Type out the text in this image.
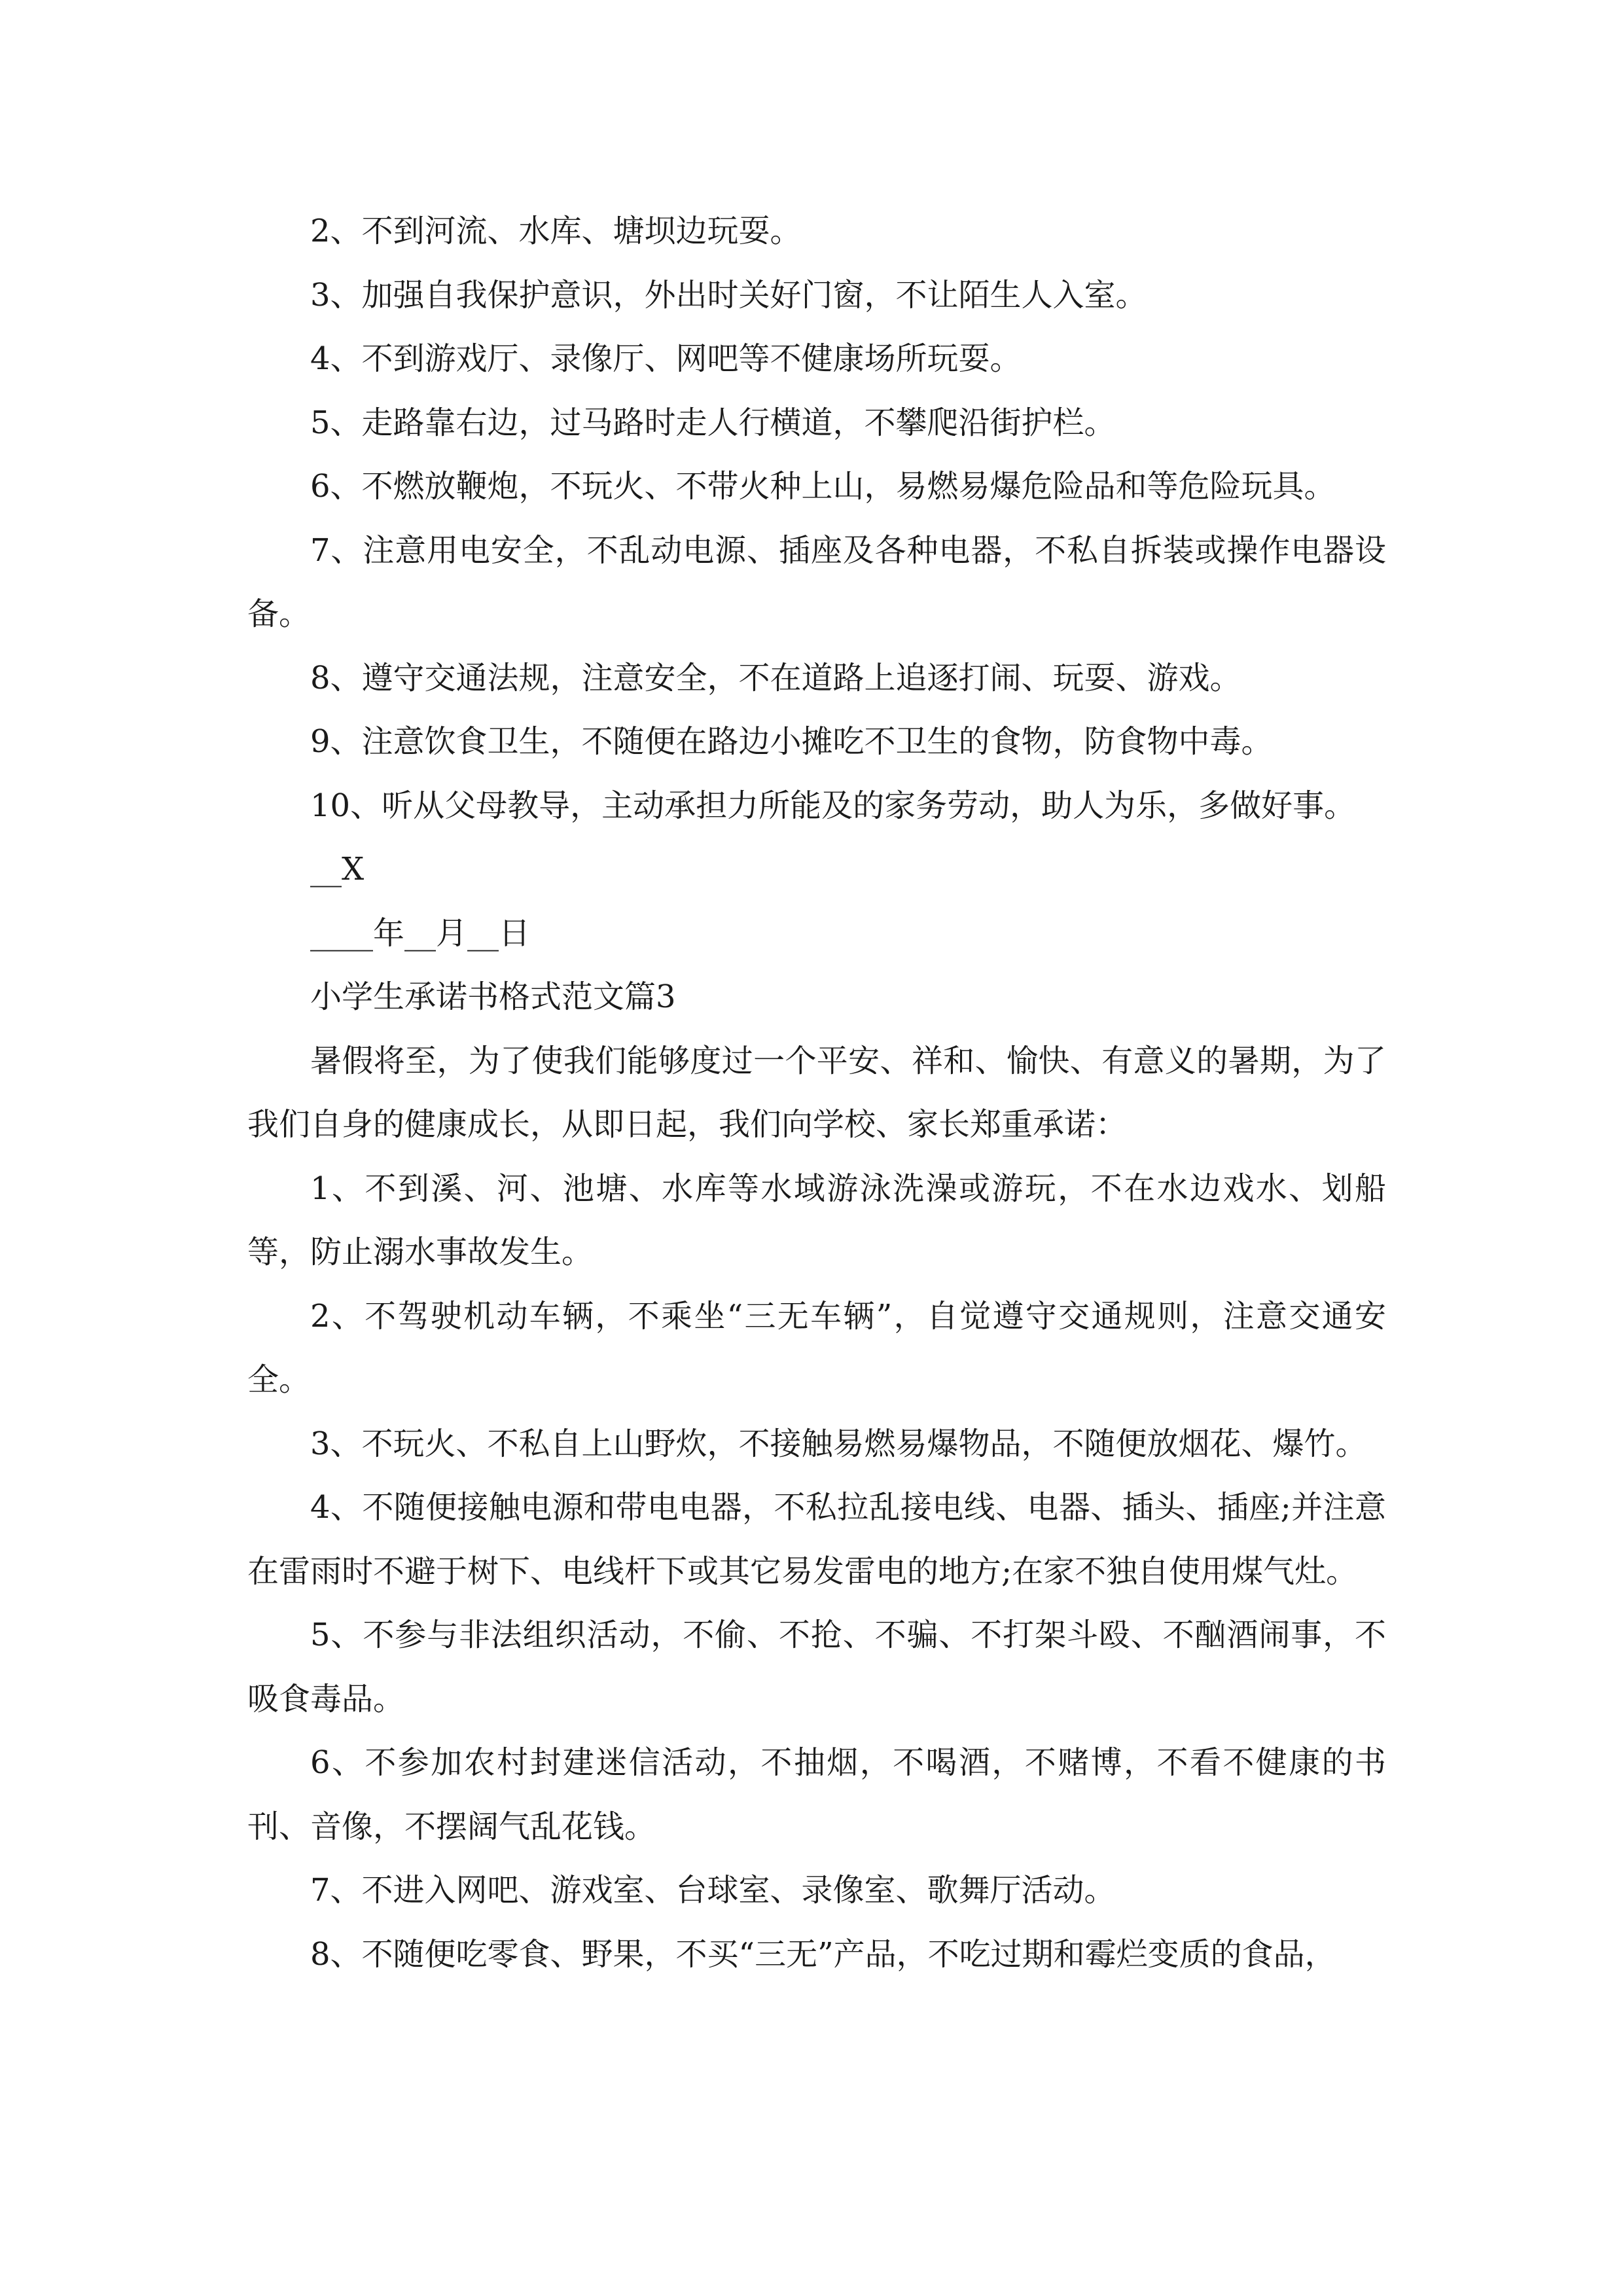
2、不到河流、水库、塘坝边玩耍。

3、加强自我保护意识，外出时关好门窗，不让陌生人入室。

4、不到游戏厅、录像厅、网吧等不健康场所玩耍。

5、走路靠右边，过马路时走人行横道，不攀爬沿街护栏。

6、不燃放鞭炮，不玩火、不带火种上山，易燃易爆危险品和等危险玩具。

7、注意用电安全，不乱动电源、插座及各种电器，不私自拆装或操作电器设备。

8、遵守交通法规，注意安全，不在道路上追逐打闹、玩耍、游戏。

9、注意饮食卫生，不随便在路边小摊吃不卫生的食物，防食物中毒。

10、听从父母教导，主动承担力所能及的家务劳动，助人为乐，多做好事。

__X

____年__月__日

小学生承诺书格式范文篇3

暑假将至，为了使我们能够度过一个平安、祥和、愉快、有意义的暑期，为了我们自身的健康成长，从即日起，我们向学校、家长郑重承诺：

1、不到溪、河、池塘、水库等水域游泳洗澡或游玩，不在水边戏水、划船等，防止溺水事故发生。

2、不驾驶机动车辆，不乘坐“三无车辆”，自觉遵守交通规则，注意交通安全。

3、不玩火、不私自上山野炊，不接触易燃易爆物品，不随便放烟花、爆竹。

4、不随便接触电源和带电电器，不私拉乱接电线、电器、插头、插座;并注意在雷雨时不避于树下、电线杆下或其它易发雷电的地方;在家不独自使用煤气灶。

5、不参与非法组织活动，不偷、不抢、不骗、不打架斗殴、不酗酒闹事，不吸食毒品。

6、不参加农村封建迷信活动，不抽烟，不喝酒，不赌博，不看不健康的书刊、音像，不摆阔气乱花钱。

7、不进入网吧、游戏室、台球室、录像室、歌舞厅活动。

8、不随便吃零食、野果，不买“三无”产品，不吃过期和霉烂变质的食品，
